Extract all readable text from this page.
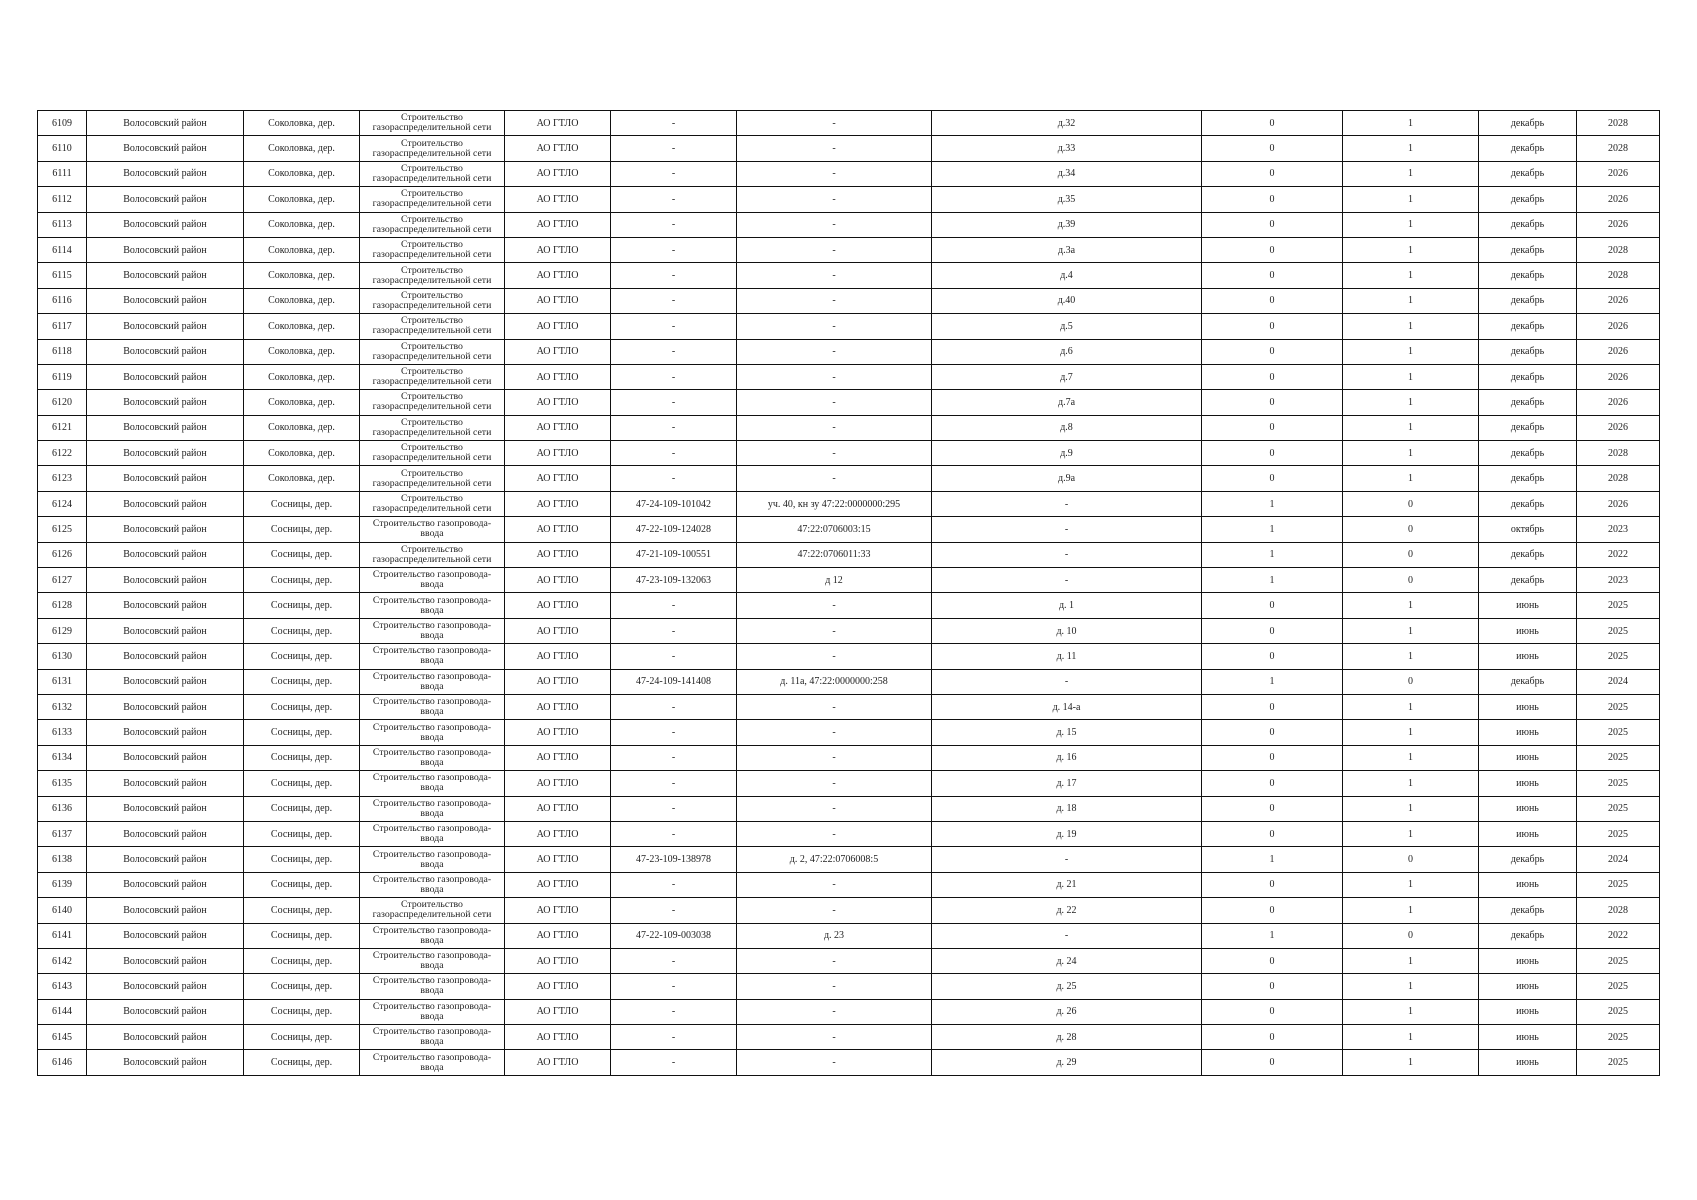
6109	Волосовский район	Соколовка, дер.	Строительство газораспределительной сети	АО ГТЛО	-	-	д.32	0	1	декабрь	2028
6110	Волосовский район	Соколовка, дер.	Строительство газораспределительной сети	АО ГТЛО	-	-	д.33	0	1	декабрь	2028
6111	Волосовский район	Соколовка, дер.	Строительство газораспределительной сети	АО ГТЛО	-	-	д.34	0	1	декабрь	2026
6112	Волосовский район	Соколовка, дер.	Строительство газораспределительной сети	АО ГТЛО	-	-	д.35	0	1	декабрь	2026
6113	Волосовский район	Соколовка, дер.	Строительство газораспределительной сети	АО ГТЛО	-	-	д.39	0	1	декабрь	2026
6114	Волосовский район	Соколовка, дер.	Строительство газораспределительной сети	АО ГТЛО	-	-	д.3а	0	1	декабрь	2028
6115	Волосовский район	Соколовка, дер.	Строительство газораспределительной сети	АО ГТЛО	-	-	д.4	0	1	декабрь	2028
6116	Волосовский район	Соколовка, дер.	Строительство газораспределительной сети	АО ГТЛО	-	-	д.40	0	1	декабрь	2026
6117	Волосовский район	Соколовка, дер.	Строительство газораспределительной сети	АО ГТЛО	-	-	д.5	0	1	декабрь	2026
6118	Волосовский район	Соколовка, дер.	Строительство газораспределительной сети	АО ГТЛО	-	-	д.6	0	1	декабрь	2026
6119	Волосовский район	Соколовка, дер.	Строительство газораспределительной сети	АО ГТЛО	-	-	д.7	0	1	декабрь	2026
6120	Волосовский район	Соколовка, дер.	Строительство газораспределительной сети	АО ГТЛО	-	-	д.7а	0	1	декабрь	2026
6121	Волосовский район	Соколовка, дер.	Строительство газораспределительной сети	АО ГТЛО	-	-	д.8	0	1	декабрь	2026
6122	Волосовский район	Соколовка, дер.	Строительство газораспределительной сети	АО ГТЛО	-	-	д.9	0	1	декабрь	2028
6123	Волосовский район	Соколовка, дер.	Строительство газораспределительной сети	АО ГТЛО	-	-	д.9а	0	1	декабрь	2028
6124	Волосовский район	Сосницы, дер.	Строительство газораспределительной сети	АО ГТЛО	47-24-109-101042	уч. 40, кн зу 47:22:0000000:295	-	1	0	декабрь	2026
6125	Волосовский район	Сосницы, дер.	Строительство газопровода-ввода	АО ГТЛО	47-22-109-124028	47:22:0706003:15	-	1	0	октябрь	2023
6126	Волосовский район	Сосницы, дер.	Строительство газораспределительной сети	АО ГТЛО	47-21-109-100551	47:22:0706011:33	-	1	0	декабрь	2022
6127	Волосовский район	Сосницы, дер.	Строительство газопровода-ввода	АО ГТЛО	47-23-109-132063	д 12	-	1	0	декабрь	2023
6128	Волосовский район	Сосницы, дер.	Строительство газопровода-ввода	АО ГТЛО	-	-	д. 1	0	1	июнь	2025
6129	Волосовский район	Сосницы, дер.	Строительство газопровода-ввода	АО ГТЛО	-	-	д. 10	0	1	июнь	2025
6130	Волосовский район	Сосницы, дер.	Строительство газопровода-ввода	АО ГТЛО	-	-	д. 11	0	1	июнь	2025
6131	Волосовский район	Сосницы, дер.	Строительство газопровода-ввода	АО ГТЛО	47-24-109-141408	д. 11а, 47:22:0000000:258	-	1	0	декабрь	2024
6132	Волосовский район	Сосницы, дер.	Строительство газопровода-ввода	АО ГТЛО	-	-	д. 14-а	0	1	июнь	2025
6133	Волосовский район	Сосницы, дер.	Строительство газопровода-ввода	АО ГТЛО	-	-	д. 15	0	1	июнь	2025
6134	Волосовский район	Сосницы, дер.	Строительство газопровода-ввода	АО ГТЛО	-	-	д. 16	0	1	июнь	2025
6135	Волосовский район	Сосницы, дер.	Строительство газопровода-ввода	АО ГТЛО	-	-	д. 17	0	1	июнь	2025
6136	Волосовский район	Сосницы, дер.	Строительство газопровода-ввода	АО ГТЛО	-	-	д. 18	0	1	июнь	2025
6137	Волосовский район	Сосницы, дер.	Строительство газопровода-ввода	АО ГТЛО	-	-	д. 19	0	1	июнь	2025
6138	Волосовский район	Сосницы, дер.	Строительство газопровода-ввода	АО ГТЛО	47-23-109-138978	д. 2, 47:22:0706008:5	-	1	0	декабрь	2024
6139	Волосовский район	Сосницы, дер.	Строительство газопровода-ввода	АО ГТЛО	-	-	д. 21	0	1	июнь	2025
6140	Волосовский район	Сосницы, дер.	Строительство газораспределительной сети	АО ГТЛО	-	-	д. 22	0	1	декабрь	2028
6141	Волосовский район	Сосницы, дер.	Строительство газопровода-ввода	АО ГТЛО	47-22-109-003038	д. 23	-	1	0	декабрь	2022
6142	Волосовский район	Сосницы, дер.	Строительство газопровода-ввода	АО ГТЛО	-	-	д. 24	0	1	июнь	2025
6143	Волосовский район	Сосницы, дер.	Строительство газопровода-ввода	АО ГТЛО	-	-	д. 25	0	1	июнь	2025
6144	Волосовский район	Сосницы, дер.	Строительство газопровода-ввода	АО ГТЛО	-	-	д. 26	0	1	июнь	2025
6145	Волосовский район	Сосницы, дер.	Строительство газопровода-ввода	АО ГТЛО	-	-	д. 28	0	1	июнь	2025
6146	Волосовский район	Сосницы, дер.	Строительство газопровода-ввода	АО ГТЛО	-	-	д. 29	0	1	июнь	2025
